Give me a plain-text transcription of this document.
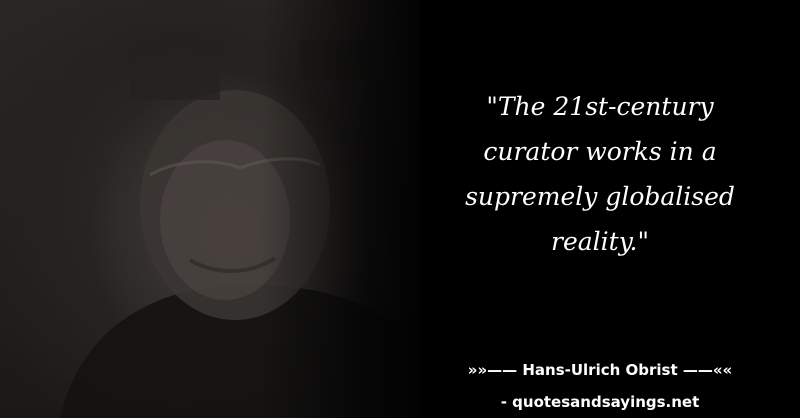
"The 21st-century
curator works in a
supremely globalised
reality."

»»—— Hans-Ulrich Obrist ——««

- quotesandsayings.net
